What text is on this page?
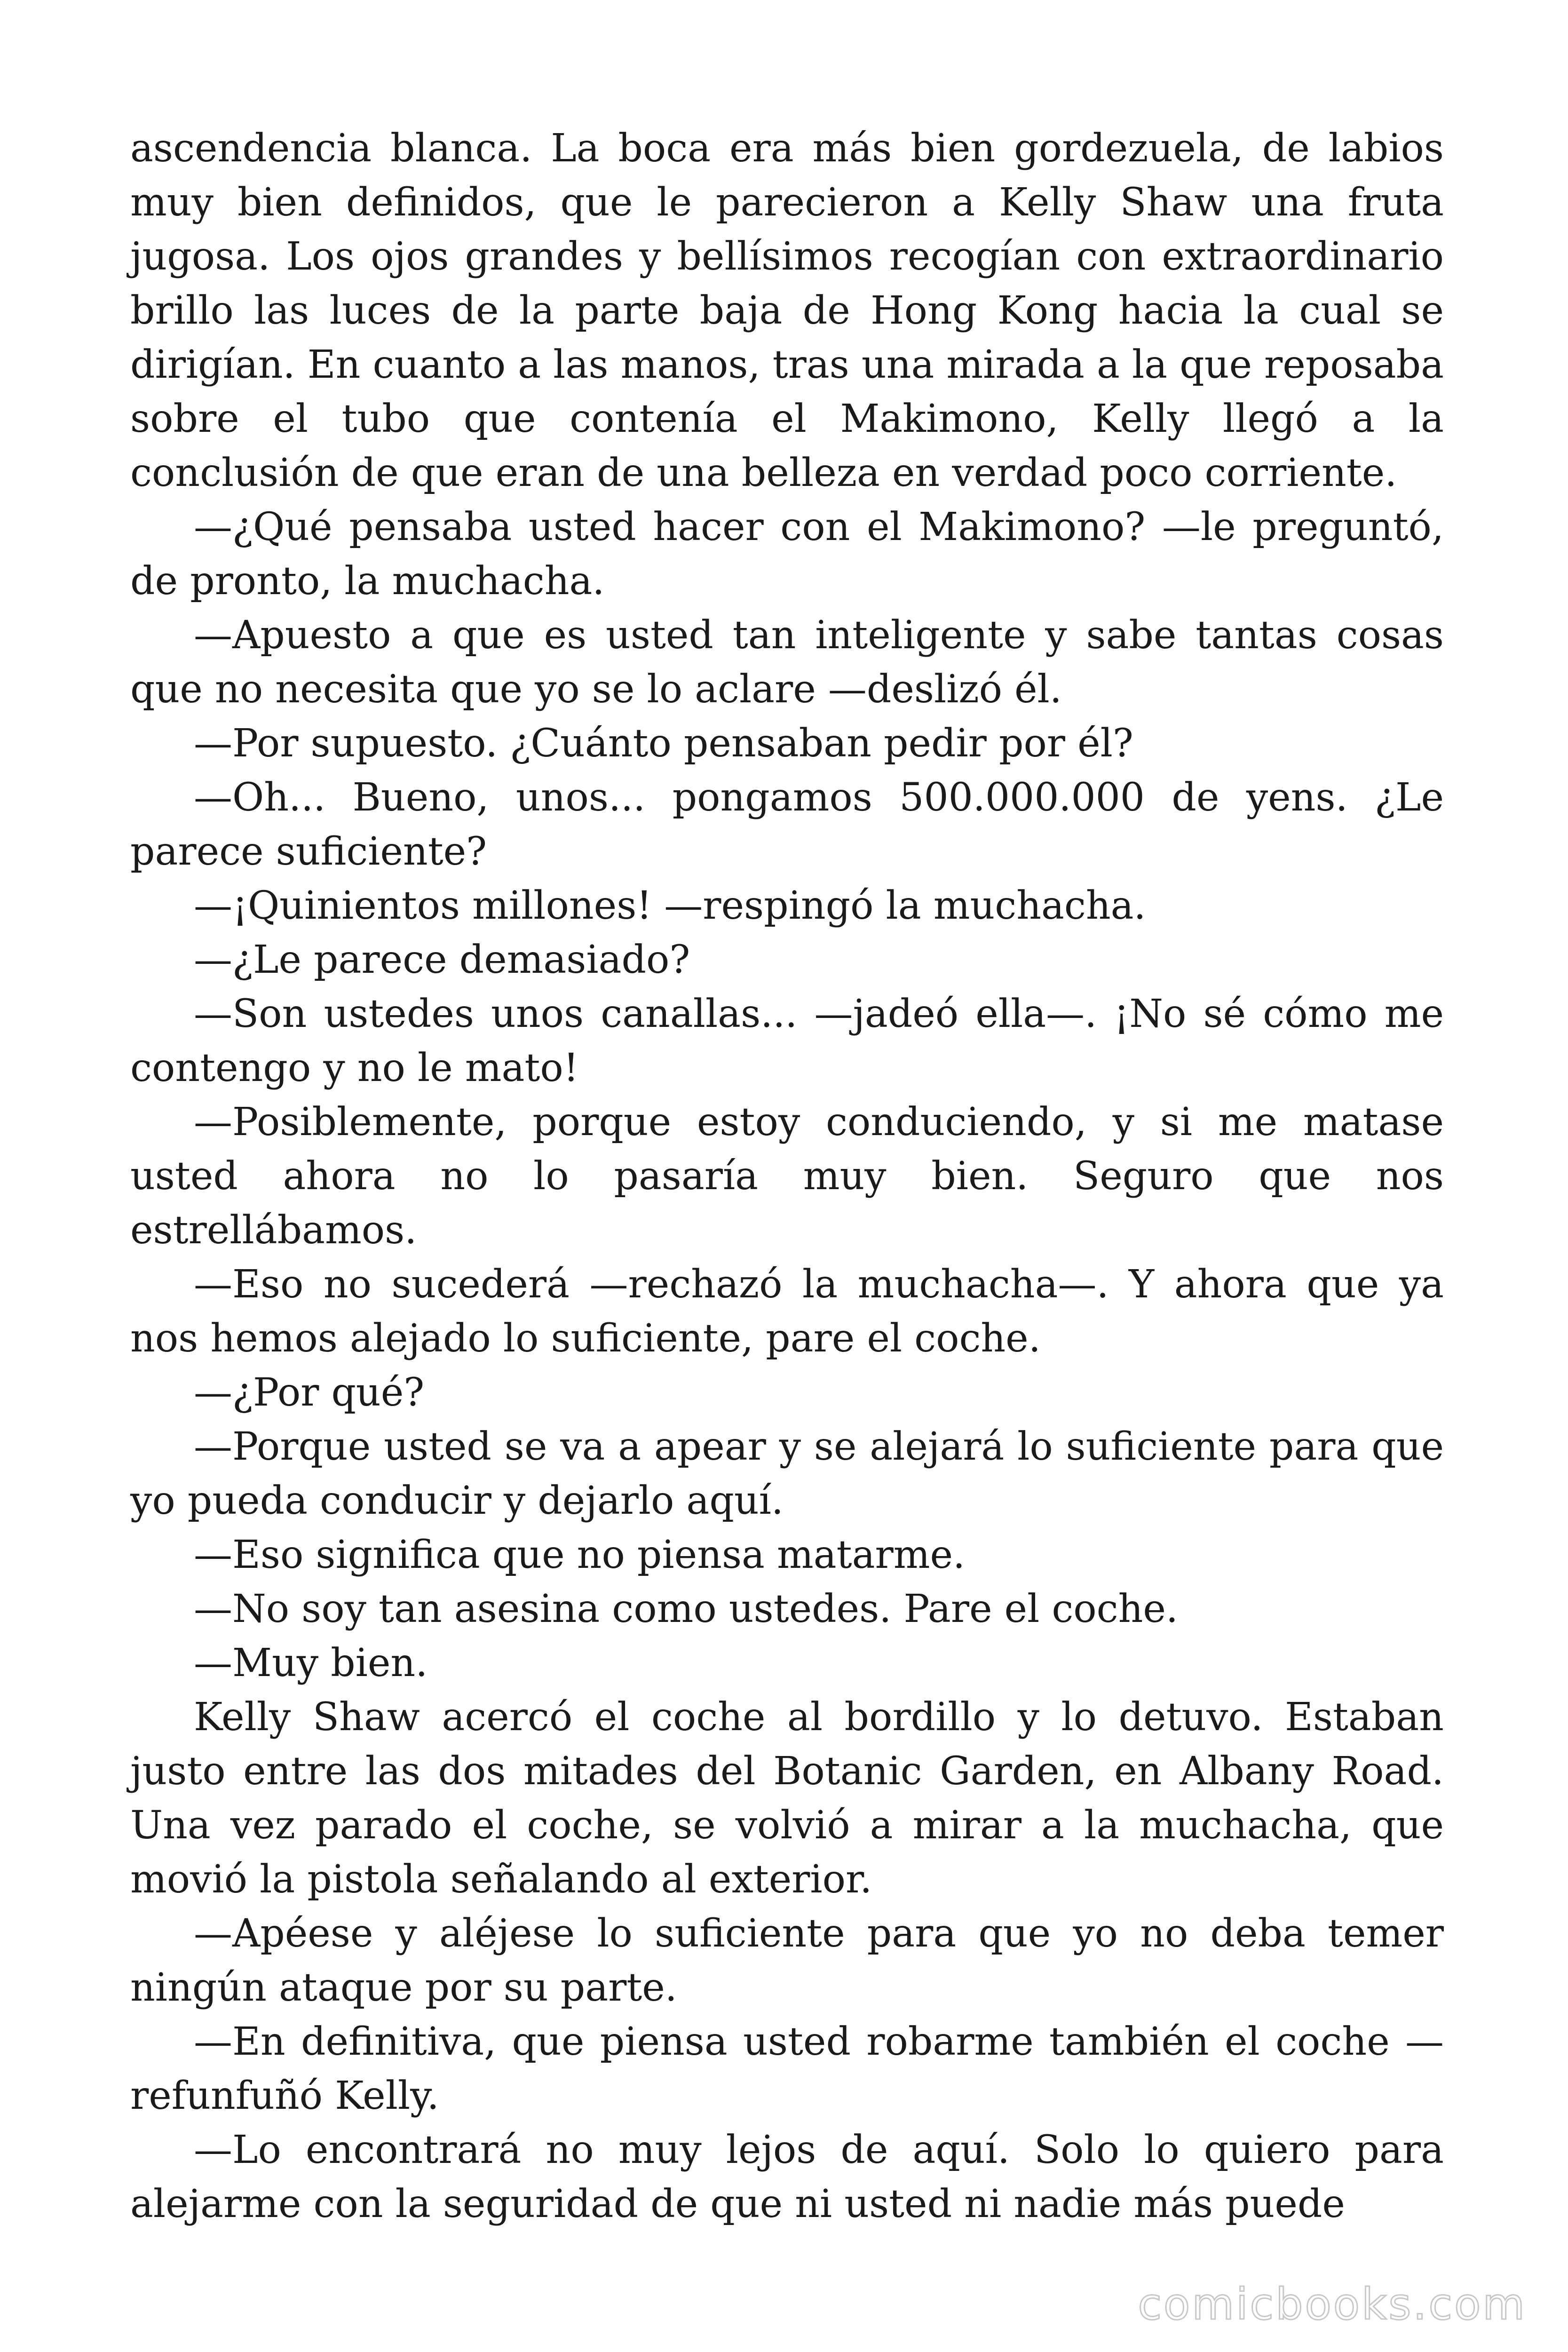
ascendencia blanca. La boca era más bien gordezuela, de labios muy bien definidos, que le parecieron a Kelly Shaw una fruta jugosa. Los ojos grandes y bellísimos recogían con extraordinario brillo las luces de la parte baja de Hong Kong hacia la cual se dirigían. En cuanto a las manos, tras una mirada a la que reposaba sobre el tubo que contenía el Makimono, Kelly llegó a la conclusión de que eran de una belleza en verdad poco corriente.

—¿Qué pensaba usted hacer con el Makimono? —le preguntó, de pronto, la muchacha.

—Apuesto a que es usted tan inteligente y sabe tantas cosas que no necesita que yo se lo aclare —deslizó él.

—Por supuesto. ¿Cuánto pensaban pedir por él?

—Oh... Bueno, unos... pongamos 500.000.000 de yens. ¿Le parece suficiente?

—¡Quinientos millones! —respingó la muchacha.

—¿Le parece demasiado?

—Son ustedes unos canallas... —jadeó ella—. ¡No sé cómo me contengo y no le mato!

—Posiblemente, porque estoy conduciendo, y si me matase usted ahora no lo pasaría muy bien. Seguro que nos estrellábamos.

—Eso no sucederá —rechazó la muchacha—. Y ahora que ya nos hemos alejado lo suficiente, pare el coche.

—¿Por qué?

—Porque usted se va a apear y se alejará lo suficiente para que yo pueda conducir y dejarlo aquí.

—Eso significa que no piensa matarme.

—No soy tan asesina como ustedes. Pare el coche.

—Muy bien.

Kelly Shaw acercó el coche al bordillo y lo detuvo. Estaban justo entre las dos mitades del Botanic Garden, en Albany Road. Una vez parado el coche, se volvió a mirar a la muchacha, que movió la pistola señalando al exterior.

—Apéese y aléjese lo suficiente para que yo no deba temer ningún ataque por su parte.

—En definitiva, que piensa usted robarme también el coche —refunfuñó Kelly.

—Lo encontrará no muy lejos de aquí. Solo lo quiero para alejarme con la seguridad de que ni usted ni nadie más puede

comicbooks.com
